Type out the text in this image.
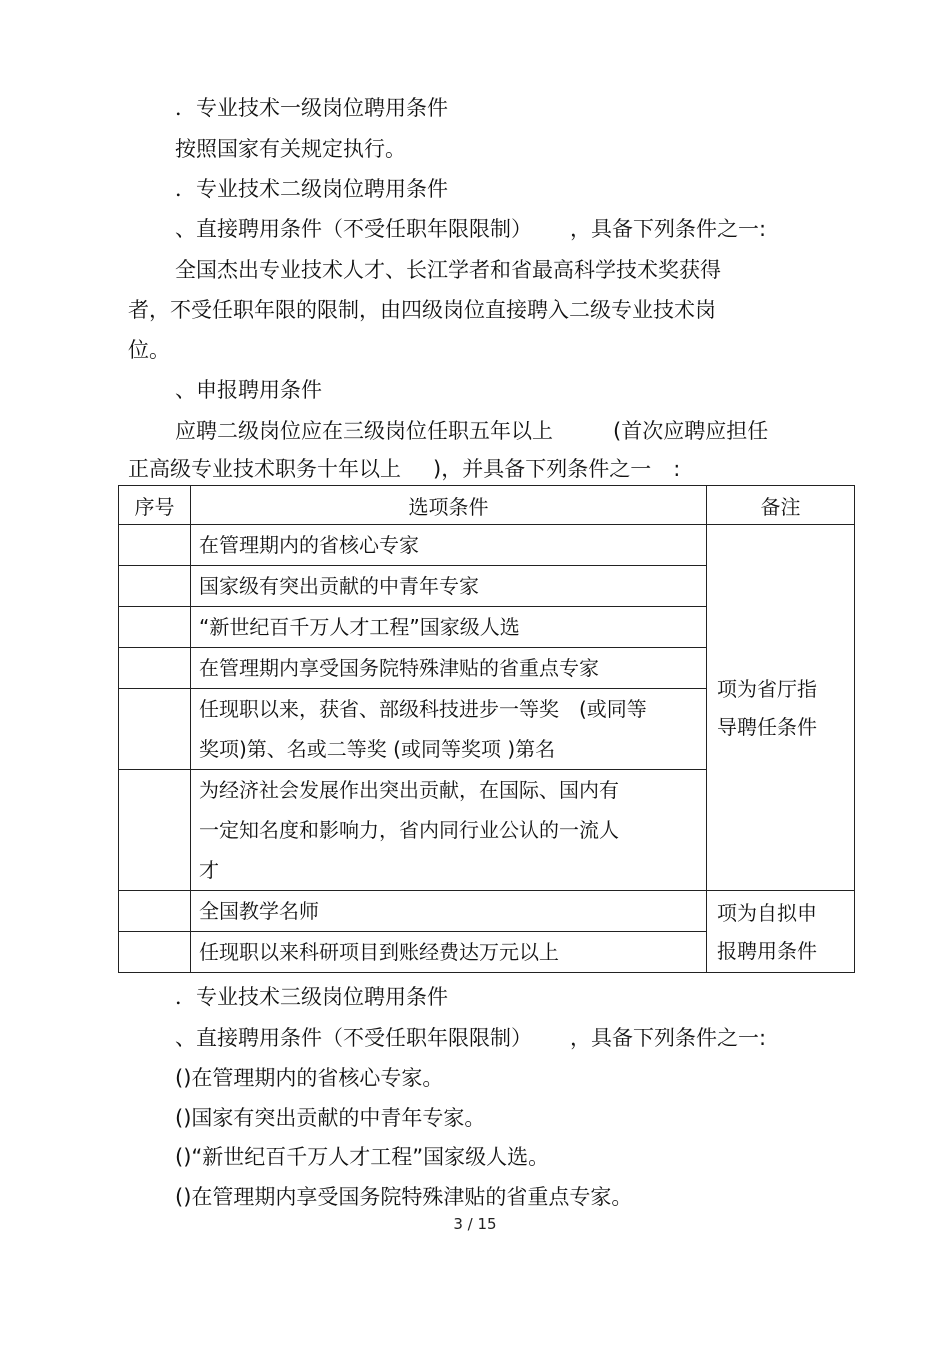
．专业技术一级岗位聘用条件
按照国家有关规定执行。
．专业技术二级岗位聘用条件
、直接聘用条件（不受任职年限限制） ，具备下列条件之一:
全国杰出专业技术人才、长江学者和省最高科学技术奖获得
者，不受任职年限的限制，由四级岗位直接聘入二级专业技术岗
位。
、申报聘用条件
应聘二级岗位应在三级岗位任职五年以上	(首次应聘应担任
正高级专业技术职务十年以上 )，并具备下列条件之一 :
序号	选项条件	备注
	在管理期内的省核心专家	项为省厅指
导聘任条件

	国家级有突出贡献的中青年专家	
	“新世纪百千万人才工程”国家级人选	
	在管理期内享受国务院特殊津贴的省重点专家	

	任现职以来，获省、部级科技进步一等奖　(或同等
奖项)第、名或二等奖 (或同等奖项 )第名	

	为经济社会发展作出突出贡献，在国际、国内有
一定知名度和影响力，省内同行业公认的一流人
才	

	全国教学名师	项为自拟申
报聘用条件

	任现职以来科研项目到账经费达万元以上	
．专业技术三级岗位聘用条件
、直接聘用条件（不受任职年限限制） ，具备下列条件之一:
()在管理期内的省核心专家。
()国家有突出贡献的中青年专家。
()“新世纪百千万人才工程”国家级人选。
()在管理期内享受国务院特殊津贴的省重点专家。
3 / 15
